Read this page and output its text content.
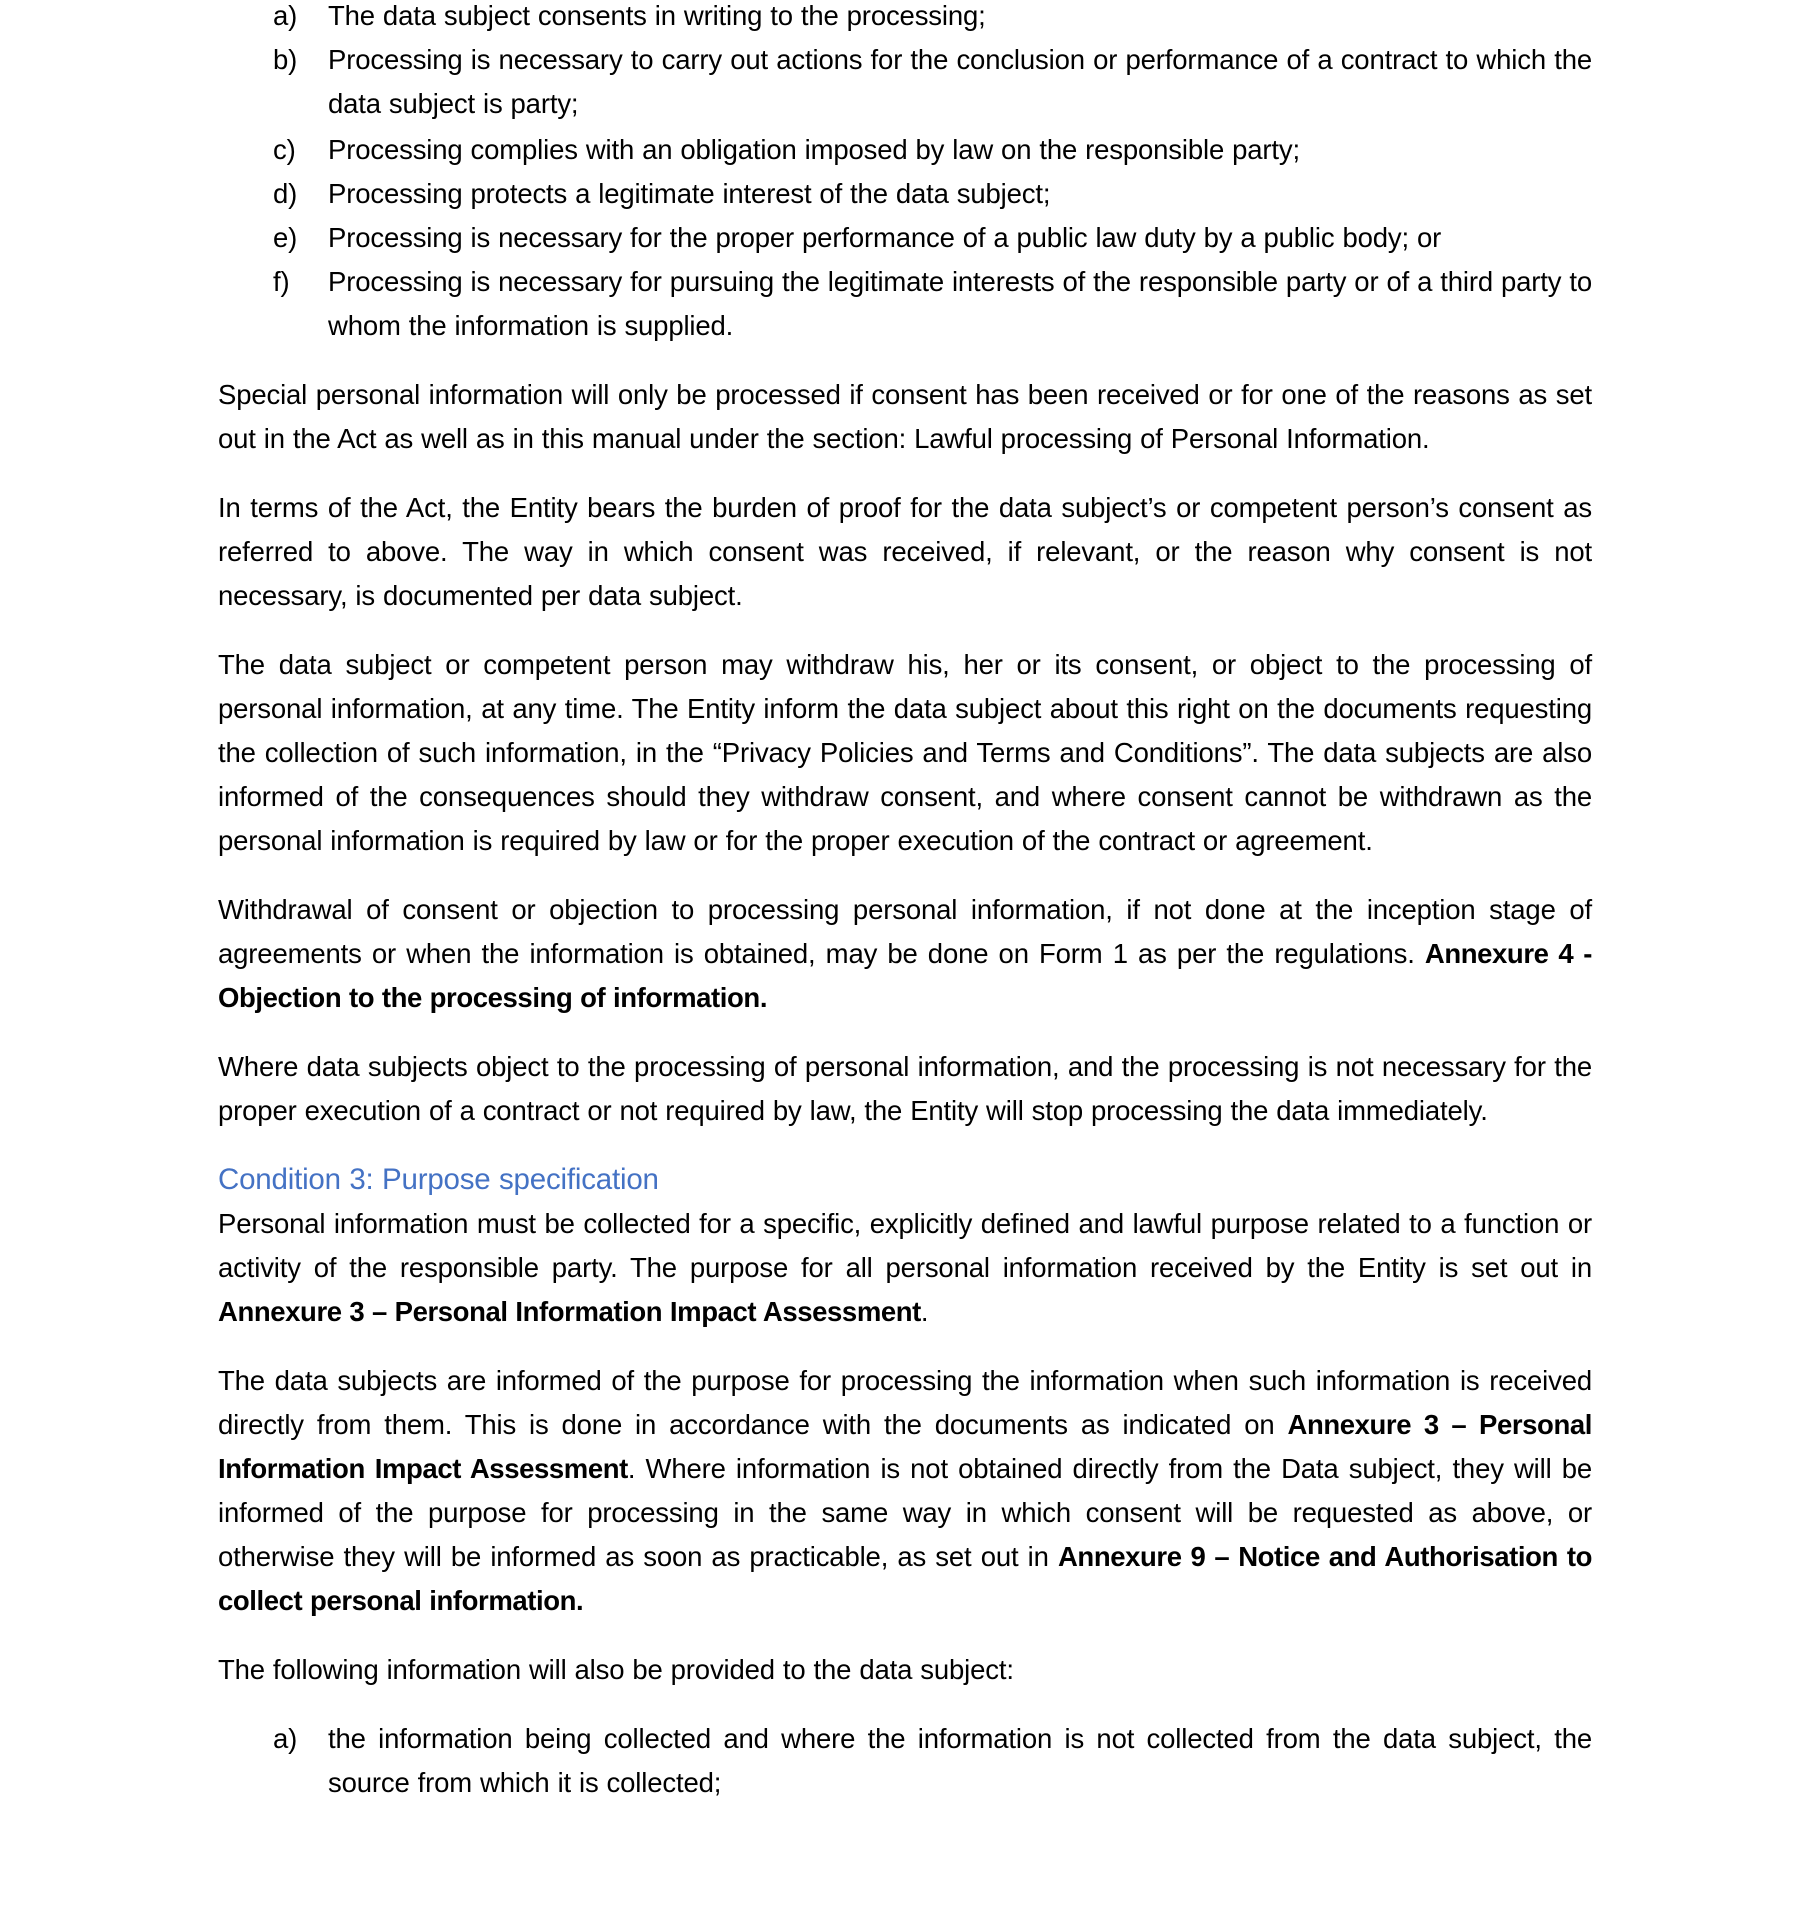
a) The data subject consents in writing to the processing;
b) Processing is necessary to carry out actions for the conclusion or performance of a contract to which the data subject is party;
c) Processing complies with an obligation imposed by law on the responsible party;
d) Processing protects a legitimate interest of the data subject;
e) Processing is necessary for the proper performance of a public law duty by a public body; or
f) Processing is necessary for pursuing the legitimate interests of the responsible party or of a third party to whom the information is supplied.

Special personal information will only be processed if consent has been received or for one of the reasons as set out in the Act as well as in this manual under the section: Lawful processing of Personal Information.

In terms of the Act, the Entity bears the burden of proof for the data subject’s or competent person’s consent as referred to above. The way in which consent was received, if relevant, or the reason why consent is not necessary, is documented per data subject.

The data subject or competent person may withdraw his, her or its consent, or object to the processing of personal information, at any time. The Entity inform the data subject about this right on the documents requesting the collection of such information, in the “Privacy Policies and Terms and Conditions”. The data subjects are also informed of the consequences should they withdraw consent, and where consent cannot be withdrawn as the personal information is required by law or for the proper execution of the contract or agreement.

Withdrawal of consent or objection to processing personal information, if not done at the inception stage of agreements or when the information is obtained, may be done on Form 1 as per the regulations. Annexure 4 - Objection to the processing of information.

Where data subjects object to the processing of personal information, and the processing is not necessary for the proper execution of a contract or not required by law, the Entity will stop processing the data immediately.

Condition 3: Purpose specification

Personal information must be collected for a specific, explicitly defined and lawful purpose related to a function or activity of the responsible party. The purpose for all personal information received by the Entity is set out in Annexure 3 – Personal Information Impact Assessment.

The data subjects are informed of the purpose for processing the information when such information is received directly from them. This is done in accordance with the documents as indicated on Annexure 3 – Personal Information Impact Assessment. Where information is not obtained directly from the Data subject, they will be informed of the purpose for processing in the same way in which consent will be requested as above, or otherwise they will be informed as soon as practicable, as set out in Annexure 9 – Notice and Authorisation to collect personal information.

The following information will also be provided to the data subject:

a) the information being collected and where the information is not collected from the data subject, the source from which it is collected;
